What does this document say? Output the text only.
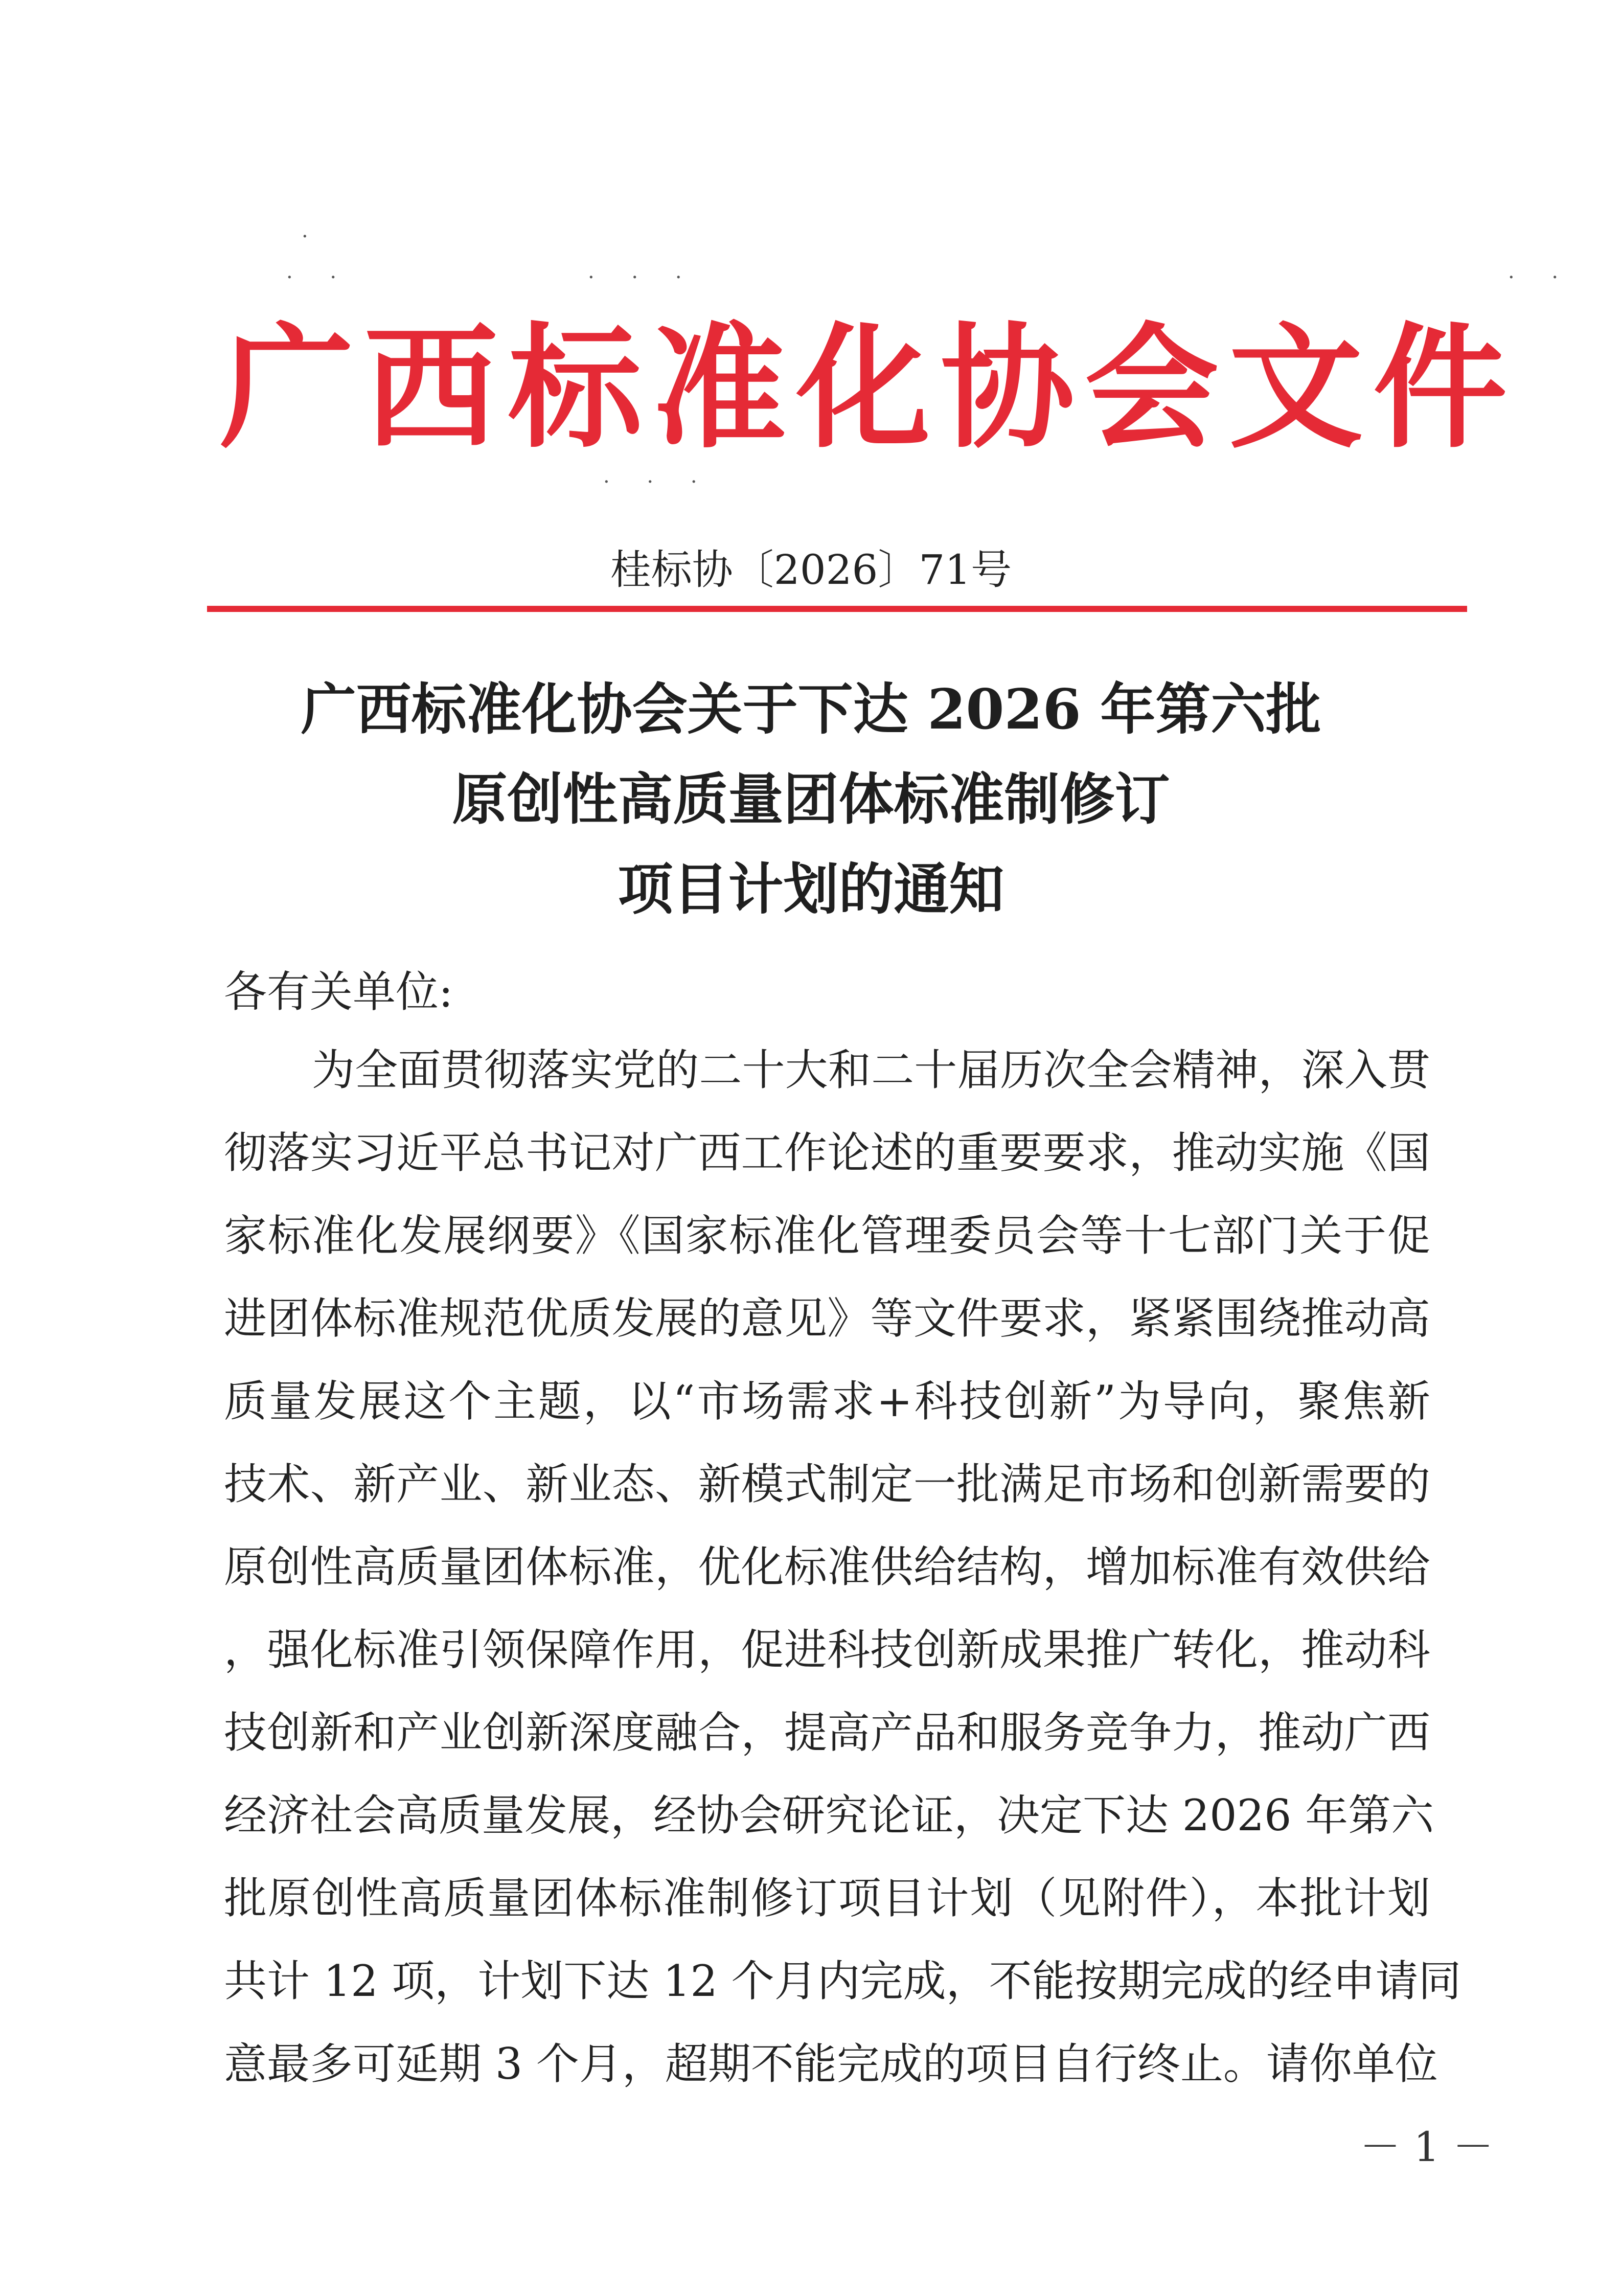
·
· ·	· · ·	· ·
· · ·
广西标准化协会文件
桂标协〔2026〕71号
广西标准化协会关于下达 2026 年第六批
原创性高质量团体标准制修订
项目计划的通知
各有关单位:
为全面贯彻落实党的二十大和二十届历次全会精神，深入贯
彻落实习近平总书记对广西工作论述的重要要求，推动实施《国
家标准化发展纲要》《国家标准化管理委员会等十七部门关于促
进团体标准规范优质发展的意见》等文件要求，紧紧围绕推动高
质量发展这个主题，以“市场需求+科技创新”为导向，聚焦新
技术、新产业、新业态、新模式制定一批满足市场和创新需要的
原创性高质量团体标准，优化标准供给结构，增加标准有效供给
，强化标准引领保障作用，促进科技创新成果推广转化，推动科
技创新和产业创新深度融合，提高产品和服务竞争力，推动广西
经济社会高质量发展，经协会研究论证，决定下达 2026 年第六
批原创性高质量团体标准制修订项目计划（见附件），本批计划
共计 12 项，计划下达 12 个月内完成，不能按期完成的经申请同
意最多可延期 3 个月，超期不能完成的项目自行终止。请你单位
－ 1 －
